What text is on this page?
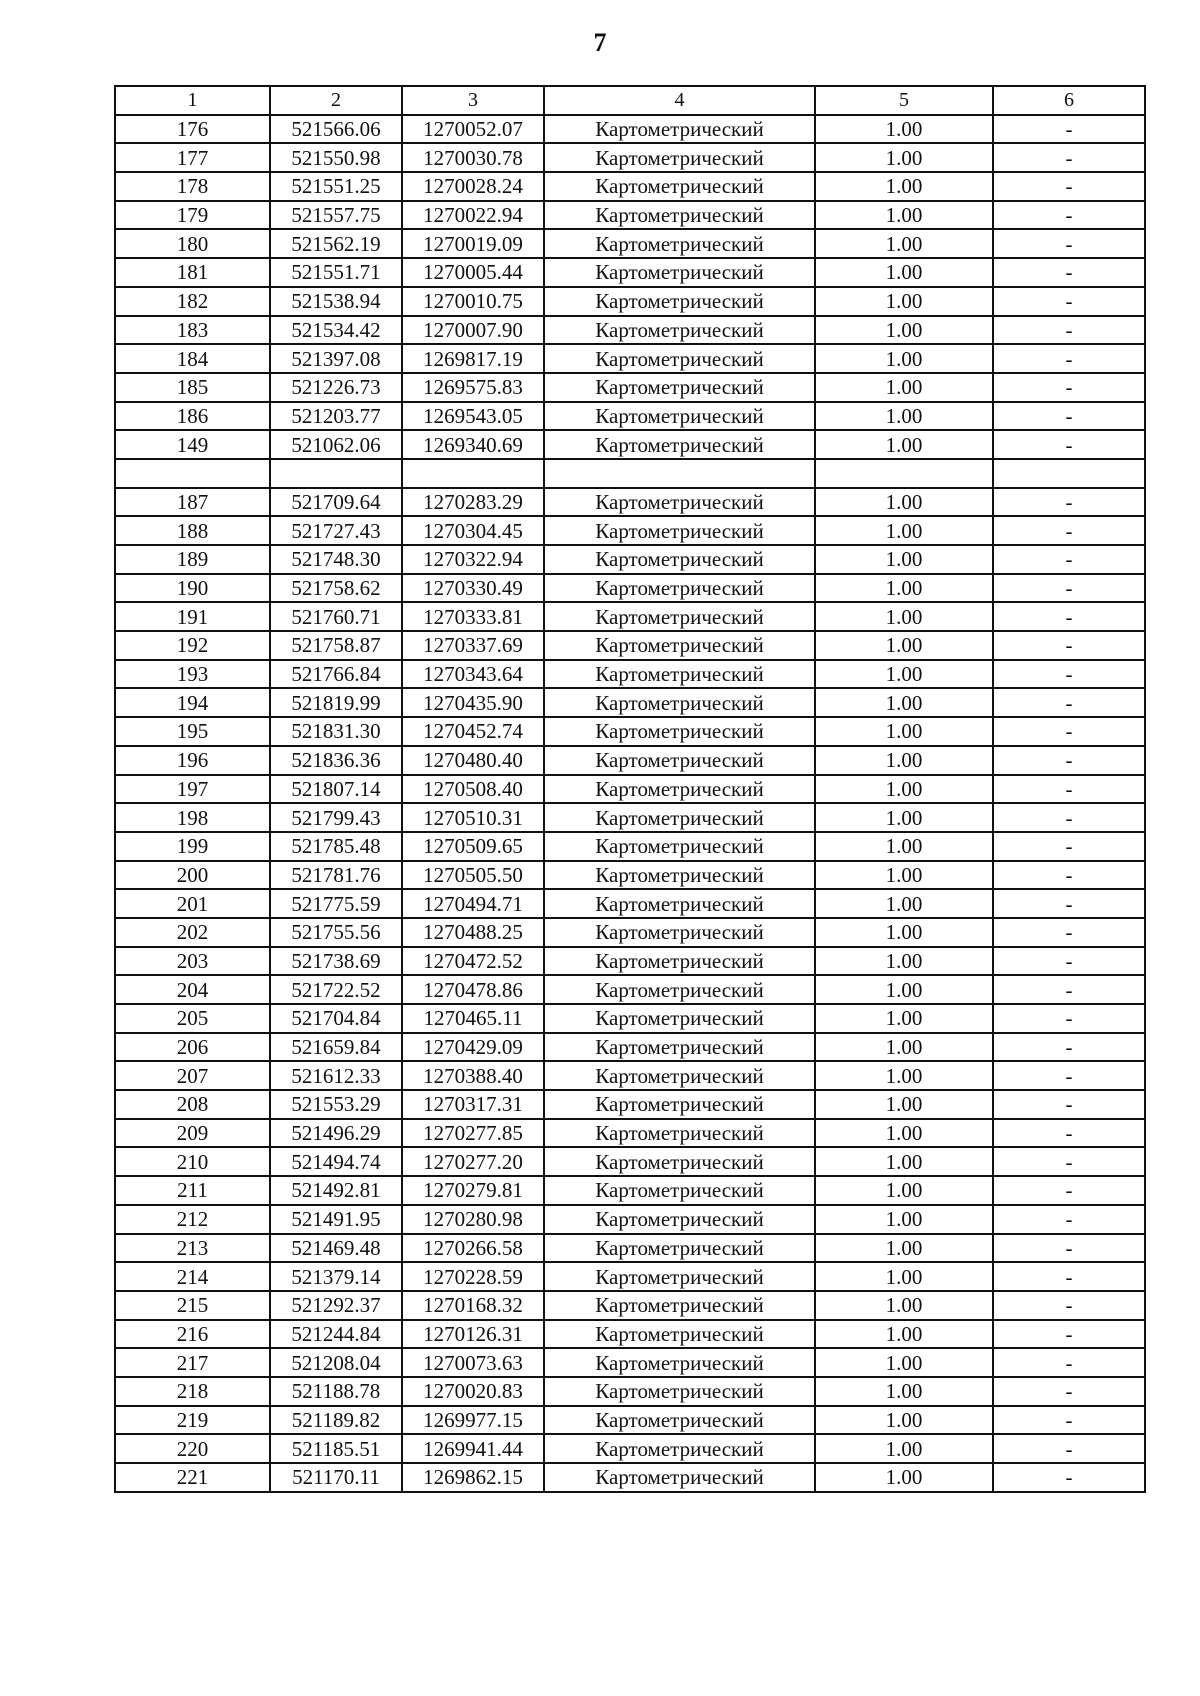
7
1	2	3	4	5	6
176	521566.06	1270052.07	Картометрический	1.00	-
177	521550.98	1270030.78	Картометрический	1.00	-
178	521551.25	1270028.24	Картометрический	1.00	-
179	521557.75	1270022.94	Картометрический	1.00	-
180	521562.19	1270019.09	Картометрический	1.00	-
181	521551.71	1270005.44	Картометрический	1.00	-
182	521538.94	1270010.75	Картометрический	1.00	-
183	521534.42	1270007.90	Картометрический	1.00	-
184	521397.08	1269817.19	Картометрический	1.00	-
185	521226.73	1269575.83	Картометрический	1.00	-
186	521203.77	1269543.05	Картометрический	1.00	-
149	521062.06	1269340.69	Картометрический	1.00	-

187	521709.64	1270283.29	Картометрический	1.00	-
188	521727.43	1270304.45	Картометрический	1.00	-
189	521748.30	1270322.94	Картометрический	1.00	-
190	521758.62	1270330.49	Картометрический	1.00	-
191	521760.71	1270333.81	Картометрический	1.00	-
192	521758.87	1270337.69	Картометрический	1.00	-
193	521766.84	1270343.64	Картометрический	1.00	-
194	521819.99	1270435.90	Картометрический	1.00	-
195	521831.30	1270452.74	Картометрический	1.00	-
196	521836.36	1270480.40	Картометрический	1.00	-
197	521807.14	1270508.40	Картометрический	1.00	-
198	521799.43	1270510.31	Картометрический	1.00	-
199	521785.48	1270509.65	Картометрический	1.00	-
200	521781.76	1270505.50	Картометрический	1.00	-
201	521775.59	1270494.71	Картометрический	1.00	-
202	521755.56	1270488.25	Картометрический	1.00	-
203	521738.69	1270472.52	Картометрический	1.00	-
204	521722.52	1270478.86	Картометрический	1.00	-
205	521704.84	1270465.11	Картометрический	1.00	-
206	521659.84	1270429.09	Картометрический	1.00	-
207	521612.33	1270388.40	Картометрический	1.00	-
208	521553.29	1270317.31	Картометрический	1.00	-
209	521496.29	1270277.85	Картометрический	1.00	-
210	521494.74	1270277.20	Картометрический	1.00	-
211	521492.81	1270279.81	Картометрический	1.00	-
212	521491.95	1270280.98	Картометрический	1.00	-
213	521469.48	1270266.58	Картометрический	1.00	-
214	521379.14	1270228.59	Картометрический	1.00	-
215	521292.37	1270168.32	Картометрический	1.00	-
216	521244.84	1270126.31	Картометрический	1.00	-
217	521208.04	1270073.63	Картометрический	1.00	-
218	521188.78	1270020.83	Картометрический	1.00	-
219	521189.82	1269977.15	Картометрический	1.00	-
220	521185.51	1269941.44	Картометрический	1.00	-
221	521170.11	1269862.15	Картометрический	1.00	-
